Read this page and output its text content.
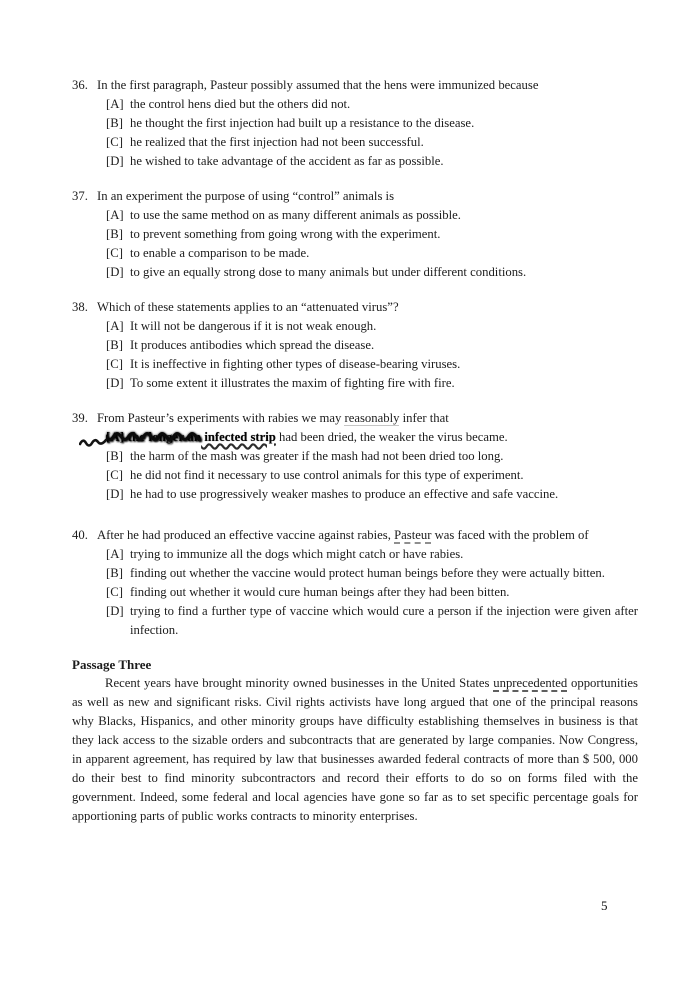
36. In the first paragraph, Pasteur possibly assumed that the hens were immunized because
[A] the control hens died but the others did not.
[B] he thought the first injection had built up a resistance to the disease.
[C] he realized that the first injection had not been successful.
[D] he wished to take advantage of the accident as far as possible.
37. In an experiment the purpose of using “control” animals is
[A] to use the same method on as many different animals as possible.
[B] to prevent something from going wrong with the experiment.
[C] to enable a comparison to be made.
[D] to give an equally strong dose to many animals but under different conditions.
38. Which of these statements applies to an “attenuated virus”?
[A] It will not be dangerous if it is not weak enough.
[B] It produces antibodies which spread the disease.
[C] It is ineffective in fighting other types of disease-bearing viruses.
[D] To some extent it illustrates the maxim of fighting fire with fire.
39. From Pasteur’s experiments with rabies we may reasonably infer that
[A] the longer an infected strip had been dried, the weaker the virus became.
[B] the harm of the mash was greater if the mash had not been dried too long.
[C] he did not find it necessary to use control animals for this type of experiment.
[D] he had to use progressively weaker mashes to produce an effective and safe vaccine.
40. After he had produced an effective vaccine against rabies, Pasteur was faced with the problem of
[A] trying to immunize all the dogs which might catch or have rabies.
[B] finding out whether the vaccine would protect human beings before they were actually bitten.
[C] finding out whether it would cure human beings after they had been bitten.
[D] trying to find a further type of vaccine which would cure a person if the injection were given after infection.
Passage Three

Recent years have brought minority owned businesses in the United States unprecedented opportunities as well as new and significant risks. Civil rights activists have long argued that one of the principal reasons why Blacks, Hispanics, and other minority groups have difficulty establishing themselves in business is that they lack access to the sizable orders and subcontracts that are generated by large companies. Now Congress, in apparent agreement, has required by law that businesses awarded federal contracts of more than $ 500, 000 do their best to find minority subcontractors and record their efforts to do so on forms filed with the government. Indeed, some federal and local agencies have gone so far as to set specific percentage goals for apportioning parts of public works contracts to minority enterprises.

5
